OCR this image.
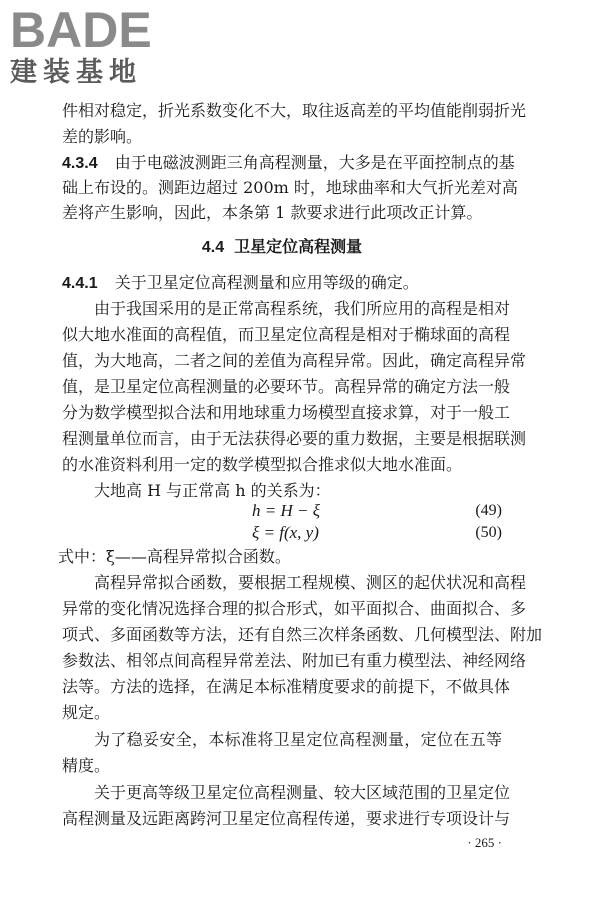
BADE
建装基地
件相对稳定，折光系数变化不大，取往返高差的平均值能削弱折光
差的影响。
4.3.4 由于电磁波测距三角高程测量，大多是在平面控制点的基
础上布设的。测距边超过 200m 时，地球曲率和大气折光差对高
差将产生影响，因此，本条第 1 款要求进行此项改正计算。
4.4 卫星定位高程测量
4.4.1 关于卫星定位高程测量和应用等级的确定。
由于我国采用的是正常高程系统，我们所应用的高程是相对
似大地水准面的高程值，而卫星定位高程是相对于椭球面的高程
值，为大地高，二者之间的差值为高程异常。因此，确定高程异常
值，是卫星定位高程测量的必要环节。高程异常的确定方法一般
分为数学模型拟合法和用地球重力场模型直接求算，对于一般工
程测量单位而言，由于无法获得必要的重力数据，主要是根据联测
的水准资料利用一定的数学模型拟合推求似大地水准面。
大地高 H 与正常高 h 的关系为：
h = H − ξ	(49)
ξ = f(x, y)	(50)
式中：ξ——高程异常拟合函数。
高程异常拟合函数，要根据工程规模、测区的起伏状况和高程
异常的变化情况选择合理的拟合形式，如平面拟合、曲面拟合、多
项式、多面函数等方法，还有自然三次样条函数、几何模型法、附加
参数法、相邻点间高程异常差法、附加已有重力模型法、神经网络
法等。方法的选择，在满足本标准精度要求的前提下，不做具体
规定。
为了稳妥安全，本标准将卫星定位高程测量，定位在五等
精度。
关于更高等级卫星定位高程测量、较大区域范围的卫星定位
高程测量及远距离跨河卫星定位高程传递，要求进行专项设计与
· 265 ·
